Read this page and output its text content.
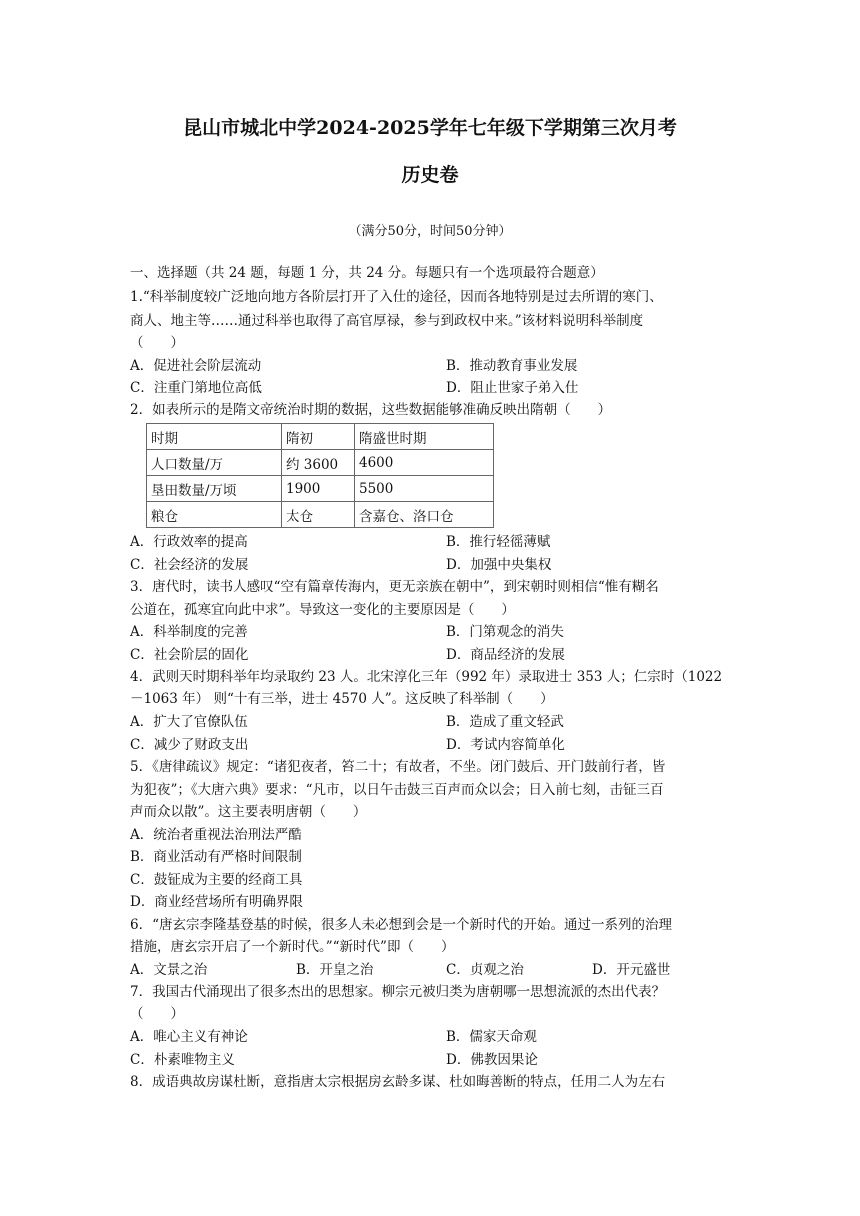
昆山市城北中学2024-2025学年七年级下学期第三次月考
历史卷
（满分50分，时间50分钟）
一、选择题（共 24 题，每题 1 分，共 24 分。每题只有一个选项最符合题意）
1.“科举制度较广泛地向地方各阶层打开了入仕的途径，因而各地特别是过去所谓的寒门、
商人、地主等……通过科举也取得了高官厚禄，参与到政权中来。”该材料说明科举制度
（　　）
A．促进社会阶层流动	B．推动教育事业发展
C．注重门第地位高低	D．阻止世家子弟入仕
2．如表所示的是隋文帝统治时期的数据，这些数据能够准确反映出隋朝（　　）
时期	隋初	隋盛世时期
人口数量/万	约 3600	4600
垦田数量/万顷	1900	5500
粮仓	太仓	含嘉仓、洛口仓
A．行政效率的提高	B．推行轻徭薄赋
C．社会经济的发展	D．加强中央集权
3．唐代时，读书人感叹“空有篇章传海内，更无亲族在朝中”，到宋朝时则相信“惟有糊名
公道在，孤寒宜向此中求”。导致这一变化的主要原因是（　　）
A．科举制度的完善	B．门第观念的消失
C．社会阶层的固化	D．商品经济的发展
4．武则天时期科举年均录取约 23 人。北宋淳化三年（992 年）录取进士 353 人；仁宗时（1022
－1063 年） 则“十有三举，进士 4570 人”。这反映了科举制（　　）
A．扩大了官僚队伍	B．造成了重文轻武
C．减少了财政支出	D．考试内容简单化
5．《唐律疏议》规定：“诸犯夜者，笞二十；有故者，不坐。闭门鼓后、开门鼓前行者，皆
为犯夜”；《大唐六典》要求：“凡市，以日午击鼓三百声而众以会；日入前七刻，击钲三百
声而众以散”。这主要表明唐朝（　　）
A．统治者重视法治刑法严酷
B．商业活动有严格时间限制
C．鼓钲成为主要的经商工具
D．商业经营场所有明确界限
6．“唐玄宗李隆基登基的时候，很多人未必想到会是一个新时代的开始。通过一系列的治理
措施，唐玄宗开启了一个新时代。”“新时代”即（　　）
A．文景之治	B．开皇之治	C．贞观之治	D．开元盛世
7．我国古代涌现出了很多杰出的思想家。柳宗元被归类为唐朝哪一思想流派的杰出代表？
（　　）
A．唯心主义有神论	B．儒家天命观
C．朴素唯物主义	D．佛教因果论
8．成语典故房谋杜断，意指唐太宗根据房玄龄多谋、杜如晦善断的特点，任用二人为左右
